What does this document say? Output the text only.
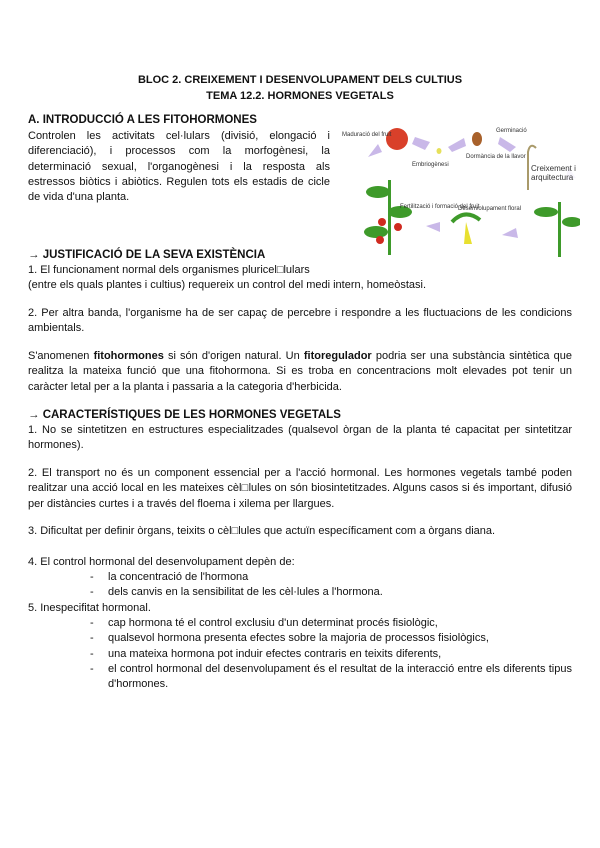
BLOC 2. CREIXEMENT I DESENVOLUPAMENT DELS CULTIUS
TEMA 12.2. HORMONES VEGETALS
A. INTRODUCCIÓ A LES FITOHORMONES
Controlen les activitats cel·lulars (divisió, elongació i diferenciació), i processos com la morfogènesi, la determinació sexual, l'organogènesi i la resposta als estressos biòtics i abiòtics. Regulen tots els estadis de cicle de vida d'una planta.
Maduració del fruit
Embriogènesi
Dormància de la llavor
Germinació
Desenvolupament floral
Fertilització i formació del fruit
Creixement i arquitectura
→ JUSTIFICACIÓ DE LA SEVA EXISTÈNCIA
1. El funcionament normal dels organismes pluricel□lulars
(entre els quals plantes i cultius) requereix un control del medi intern, homeòstasi.
2. Per altra banda, l'organisme ha de ser capaç de percebre i respondre a les fluctuacions de les condicions ambientals.
S'anomenen fitohormones si són d'origen natural. Un fitoregulador podria ser una substància sintètica que realitza la mateixa funció que una fitohormona. Si es troba en concentracions molt elevades pot tenir un caràcter letal per a la planta i passaria a la categoria d'herbicida.
→ CARACTERÍSTIQUES DE LES HORMONES VEGETALS
1. No se sintetitzen en estructures especialitzades (qualsevol òrgan de la planta té capacitat per sintetitzar hormones).
2. El transport no és un component essencial per a l'acció hormonal. Les hormones vegetals també poden realitzar una acció local en les mateixes cèl□lules on són biosintetitzades. Alguns casos si és important, difusió per distàncies curtes i a través del floema i xilema per llargues.
3. Dificultat per definir òrgans, teixits o cèl□lules que actuïn específicament com a òrgans diana.
4. El control hormonal del desenvolupament depèn de:
- la concentració de l'hormona
- dels canvis en la sensibilitat de les cèl·lules a l'hormona.
5. Inespecifitat hormonal.
- cap hormona té el control exclusiu d'un determinat procés fisiològic,
- qualsevol hormona presenta efectes sobre la majoria de processos fisiològics,
- una mateixa hormona pot induir efectes contraris en teixits diferents,
- el control hormonal del desenvolupament és el resultat de la interacció entre els diferents tipus d'hormones.
